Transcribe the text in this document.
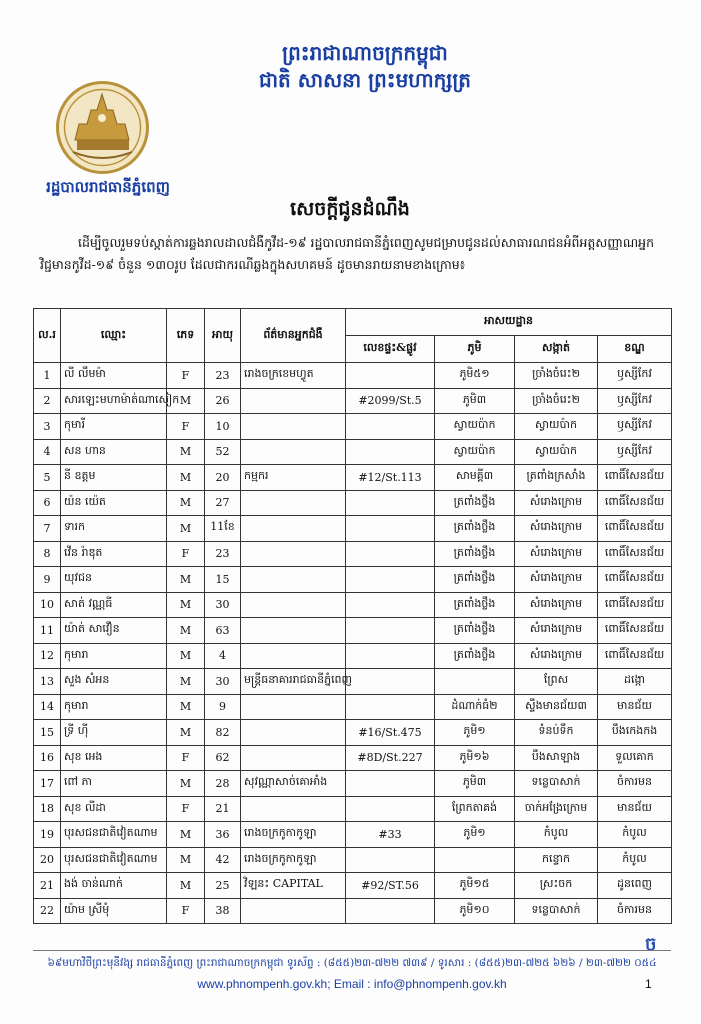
ព្រះរាជាណាចក្រកម្ពុជា
ជាតិ សាសនា ព្រះមហាក្សត្រ
រដ្ឋបាលរាជធានីភ្នំពេញ
សេចក្ដីជូនដំណឹង
ដើម្បីចូលរួមទប់ស្កាត់ការឆ្លងរាលដាលជំងឺកូវីដ-១៩ រដ្ឋបាលរាជធានីភ្នំពេញសូមជម្រាបជូនដល់សាធារណជនអំពីអត្តសញ្ញាណអ្នកវិជ្ជមានកូវីដ-១៩ ចំនួន ១៣០រូប ដែលជាករណីឆ្លងក្នុងសហគមន៍ ដូចមានរាយនាមខាងក្រោម៖
ល.រ	ឈ្មោះ	ភេទ	អាយុ	ព័ត៌មានអ្នកជំងឺ	អាសយដ្ឋាន			
					លេខផ្ទះ&ផ្លូវ	ភូមិ	សង្កាត់	ខណ្ឌ
1	លី លឹមម៉ា	F	23	រោងចក្រខេមហ្វូត		ភូមិ៥១	ច្រាំងចំរេះ២	ឫស្សីកែវ
2	សារឡេះមហាម៉ាត់ណាសៀក	M	26		#2099/St.5	ភូមិ៣	ច្រាំងចំរេះ២	ឫស្សីកែវ
3	កុមារី	F	10			ស្វាយប៉ាក	ស្វាយប៉ាក	ឫស្សីកែវ
4	សន ហាន	M	52			ស្វាយប៉ាក	ស្វាយប៉ាក	ឫស្សីកែវ
5	នី ឧត្តម	M	20	កម្មករ	#12/St.113	សាមគ្គី៣	ត្រពាំងក្រសាំង	ពោធិ៍សែនជ័យ
6	យ៉ន យ៉េត	M	27			ត្រពាំងថ្លឹង	សំរោងក្រោម	ពោធិ៍សែនជ័យ
7	ទារក	M	11ខែ			ត្រពាំងថ្លឹង	សំរោងក្រោម	ពោធិ៍សែនជ័យ
8	វើន រ៉ាឌុត	F	23			ត្រពាំងថ្លឹង	សំរោងក្រោម	ពោធិ៍សែនជ័យ
9	យុវជន	M	15			ត្រពាំងថ្លឹង	សំរោងក្រោម	ពោធិ៍សែនជ័យ
10	សាត់ វណ្ណធី	M	30			ត្រពាំងថ្លឹង	សំរោងក្រោម	ពោធិ៍សែនជ័យ
11	យ៉ាត់ សាវឿន	M	63			ត្រពាំងថ្លឹង	សំរោងក្រោម	ពោធិ៍សែនជ័យ
12	កុមារា	M	4			ត្រពាំងថ្លឹង	សំរោងក្រោម	ពោធិ៍សែនជ័យ
13	សួង សំអន	M	30	មន្ត្រីធនាគាររាជធានីភ្នំពេញ			ព្រែស	ដង្កោ
14	កុមារា	M	9			ដំណាក់ធំ២	ស្ទឹងមានជ័យ៣	មានជ័យ
15	ទ្រី ហ៊ី	M	82		#16/St.475	ភូមិ១	ទំនប់ទឹក	បឹងកេងកង
16	សុខ អេង	F	62		#8D/St.227	ភូមិ១៦	បឹងសាឡាង	ទួលគោក
17	ពៅ ភា	M	28	សុវណ្ណាសាច់គោអាំង		ភូមិ៣	ទន្លេបាសាក់	ចំការមន
18	សុខ លីដា	F	21			ព្រែកតាគង់	ចាក់អង្រែក្រោម	មានជ័យ
19	បុរសជនជាតិវៀតណាម	M	36	រោងចក្រកូកាកូឡា	#33	ភូមិ១	កំបូល	កំបូល
20	បុរសជនជាតិវៀតណាម	M	42	រោងចក្រកូកាកូឡា			កន្ទោក	កំបូល
21	ងង់ ចាន់ណាក់	M	25	វិឡនះ CAPITAL	#92/ST.56	ភូមិ១៥	ស្រះចក	ដូនពេញ
22	យ៉ាម ស្រីមុំ	F	38			ភូមិ១០	ទន្លេបាសាក់	ចំការមន
ច
៦៩មហាវិថីព្រះមុនីវង្ស រាជធានីភ្នំពេញ ព្រះរាជាណាចក្រកម្ពុជា ទូរស័ព្ទ : (៨៥៥)២៣-៧២២ ៧៣៩ / ទូរសារ : (៨៥៥)២៣-៧២៥ ៦២៦ / ២៣-៧២២ ០៥៤
www.phnompenh.gov.kh; Email : info@phnompenh.gov.kh	1
